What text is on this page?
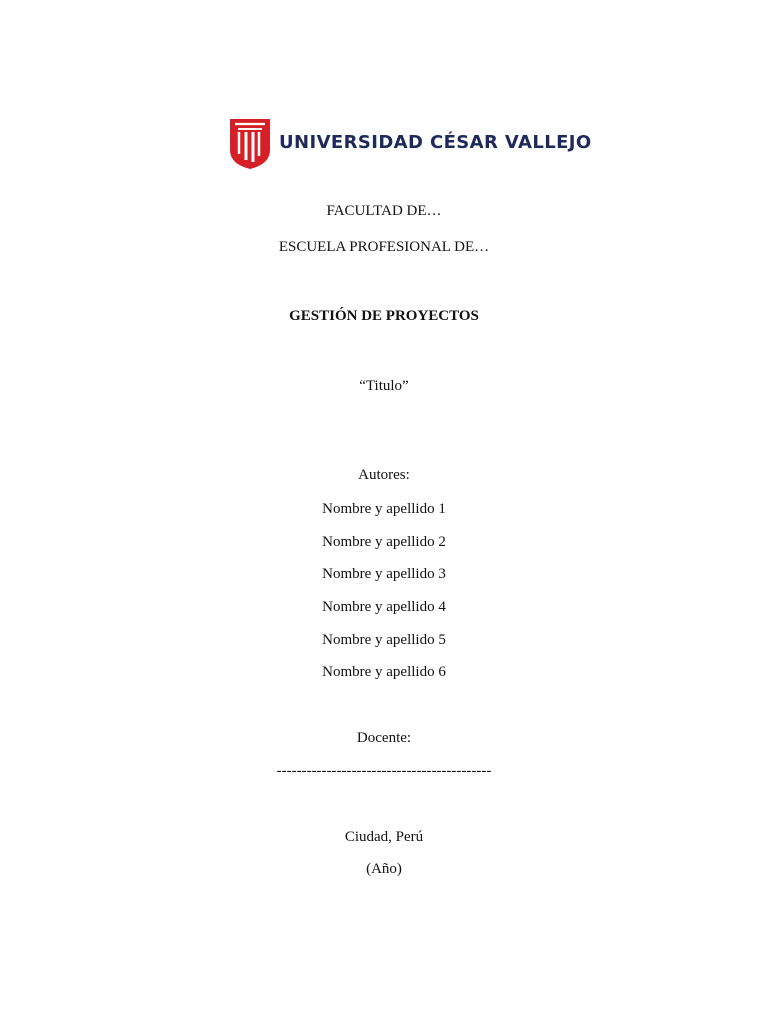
UNIVERSIDAD CÉSAR VALLEJO
FACULTAD DE…
ESCUELA PROFESIONAL DE…
GESTIÓN DE PROYECTOS
“Titulo”
Autores:
Nombre y apellido 1
Nombre y apellido 2
Nombre y apellido 3
Nombre y apellido 4
Nombre y apellido 5
Nombre y apellido 6
Docente:
-------------------------------------------
Ciudad, Perú
(Año)
